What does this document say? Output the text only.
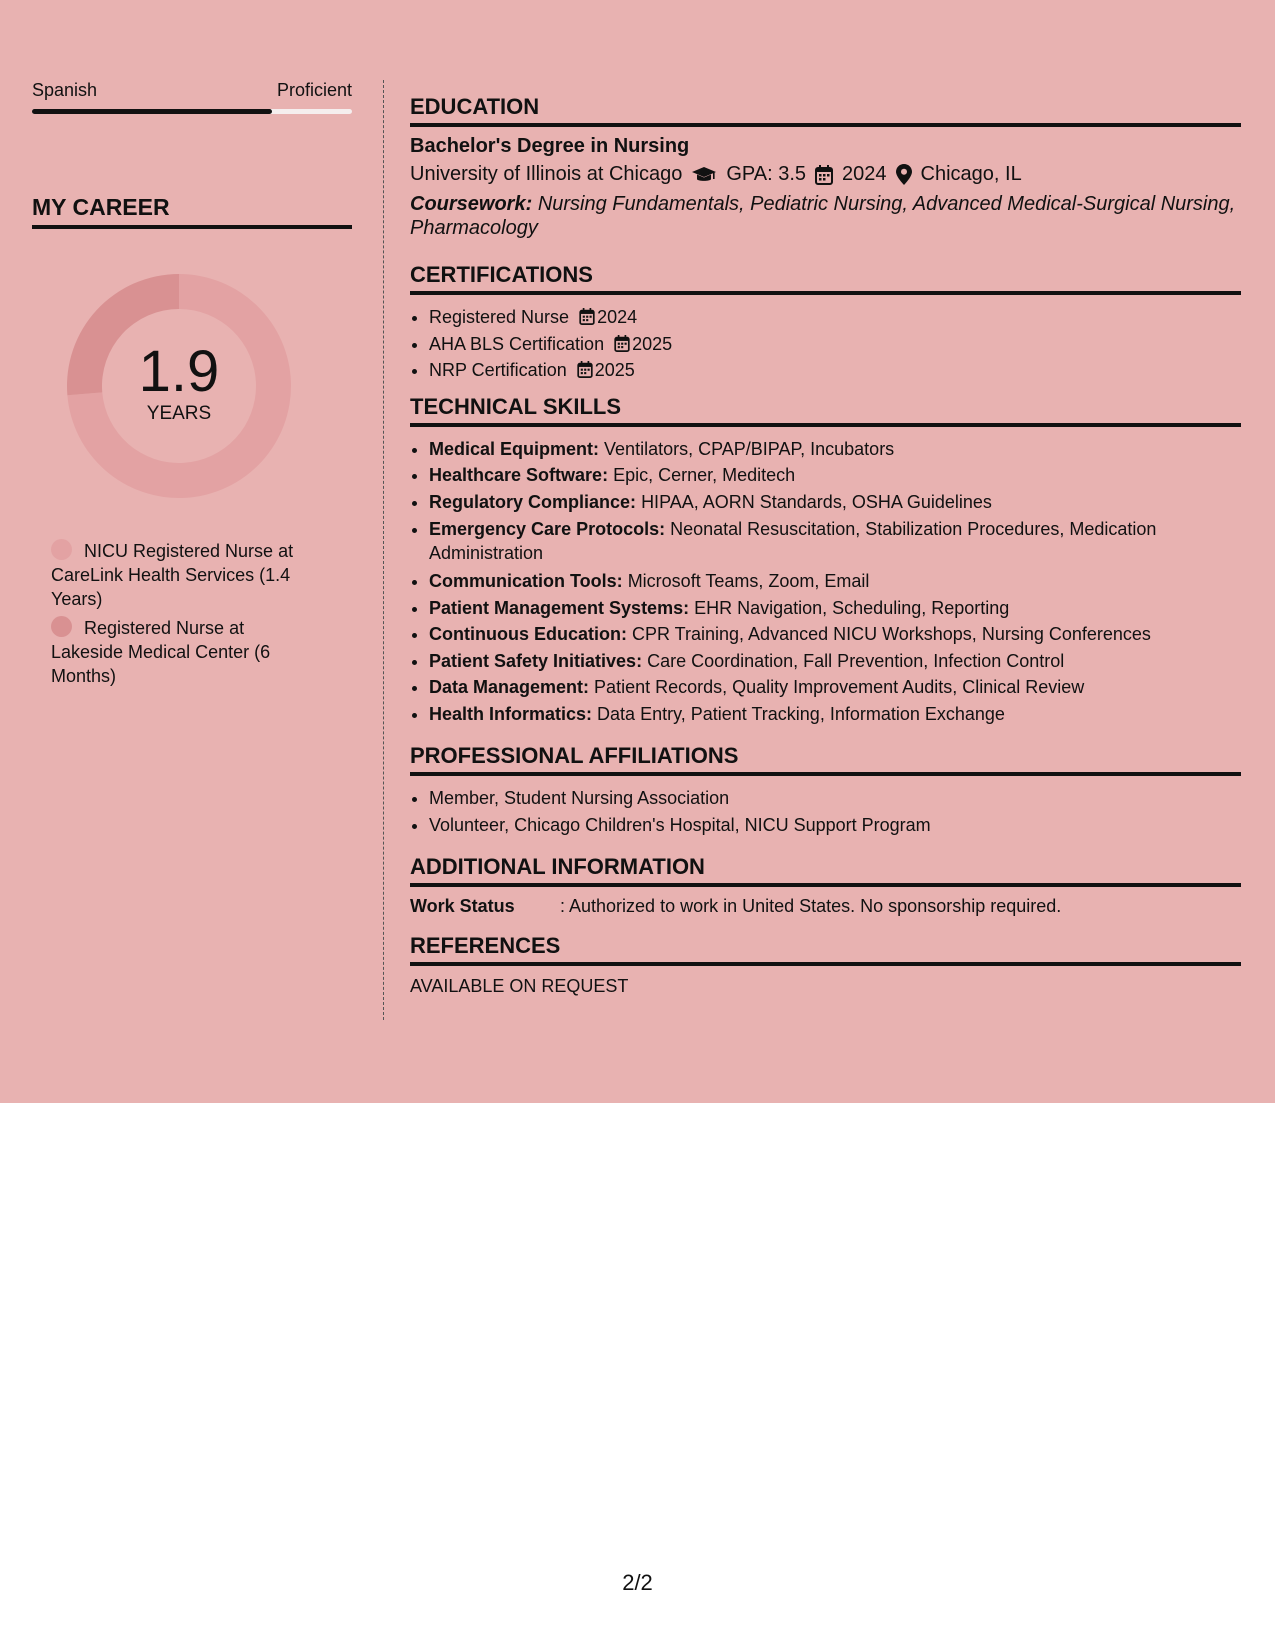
Spanish	Proficient
MY CAREER
1.9
YEARS
NICU Registered Nurse at CareLink Health Services (1.4 Years)
Registered Nurse at Lakeside Medical Center (6 Months)
EDUCATION
Bachelor's Degree in Nursing
University of Illinois at Chicago GPA: 3.5 2024 Chicago, IL
Coursework: Nursing Fundamentals, Pediatric Nursing, Advanced Medical-Surgical Nursing, Pharmacology
CERTIFICATIONS
• Registered Nurse 2024
• AHA BLS Certification 2025
• NRP Certification 2025
TECHNICAL SKILLS
• Medical Equipment: Ventilators, CPAP/BIPAP, Incubators
• Healthcare Software: Epic, Cerner, Meditech
• Regulatory Compliance: HIPAA, AORN Standards, OSHA Guidelines
• Emergency Care Protocols: Neonatal Resuscitation, Stabilization Procedures, Medication Administration
• Communication Tools: Microsoft Teams, Zoom, Email
• Patient Management Systems: EHR Navigation, Scheduling, Reporting
• Continuous Education: CPR Training, Advanced NICU Workshops, Nursing Conferences
• Patient Safety Initiatives: Care Coordination, Fall Prevention, Infection Control
• Data Management: Patient Records, Quality Improvement Audits, Clinical Review
• Health Informatics: Data Entry, Patient Tracking, Information Exchange
PROFESSIONAL AFFILIATIONS
• Member, Student Nursing Association
• Volunteer, Chicago Children's Hospital, NICU Support Program
ADDITIONAL INFORMATION
Work Status	: Authorized to work in United States. No sponsorship required.
REFERENCES
AVAILABLE ON REQUEST
2/2
